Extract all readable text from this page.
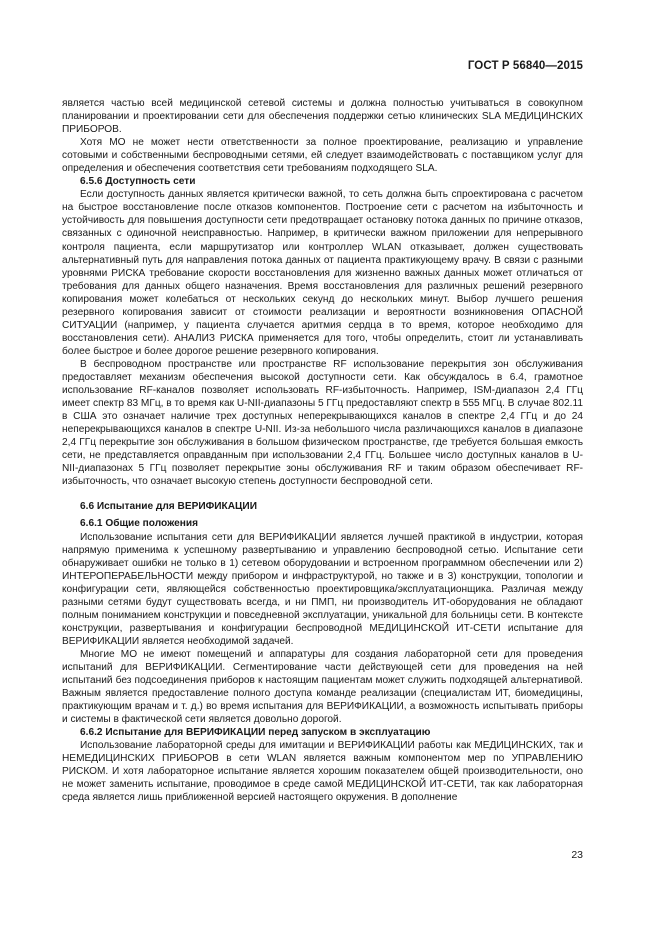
ГОСТ Р 56840—2015

является частью всей медицинской сетевой системы и должна полностью учитываться в совокупном планировании и проектировании сети для обеспечения поддержки сетью клинических SLA МЕДИЦИНСКИХ ПРИБОРОВ.

Хотя МО не может нести ответственности за полное проектирование, реализацию и управление сотовыми и собственными беспроводными сетями, ей следует взаимодействовать с поставщиком услуг для определения и обеспечения соответствия сети требованиям подходящего SLA.

6.5.6 Доступность сети

Если доступность данных является критически важной, то сеть должна быть спроектирована с расчетом на быстрое восстановление после отказов компонентов. Построение сети с расчетом на избыточность и устойчивость для повышения доступности сети предотвращает остановку потока данных по причине отказов, связанных с одиночной неисправностью. Например, в критически важном приложении для непрерывного контроля пациента, если маршрутизатор или контроллер WLAN отказывает, должен существовать альтернативный путь для направления потока данных от пациента практикующему врачу. В связи с разными уровнями РИСКА требование скорости восстановления для жизненно важных данных может отличаться от требования для данных общего назначения. Время восстановления для различных решений резервного копирования может колебаться от нескольких секунд до нескольких минут. Выбор лучшего решения резервного копирования зависит от стоимости реализации и вероятности возникновения ОПАСНОЙ СИТУАЦИИ (например, у пациента случается аритмия сердца в то время, которое необходимо для восстановления сети). АНАЛИЗ РИСКА применяется для того, чтобы определить, стоит ли устанавливать более быстрое и более дорогое решение резервного копирования.

В беспроводном пространстве или пространстве RF использование перекрытия зон обслуживания предоставляет механизм обеспечения высокой доступности сети. Как обсуждалось в 6.4, грамотное использование RF-каналов позволяет использовать RF-избыточность. Например, ISM-диапазон 2,4 ГГц имеет спектр 83 МГц, в то время как U-NII-диапазоны 5 ГГц предоставляют спектр в 555 МГц. В случае 802.11 в США это означает наличие трех доступных неперекрывающихся каналов в спектре 2,4 ГГц и до 24 неперекрывающихся каналов в спектре U-NII. Из-за небольшого числа различающихся каналов в диапазоне 2,4 ГГц перекрытие зон обслуживания в большом физическом пространстве, где требуется большая емкость сети, не представляется оправданным при использовании 2,4 ГГц. Большее число доступных каналов в U-NII-диапазонах 5 ГГц позволяет перекрытие зоны обслуживания RF и таким образом обеспечивает RF-избыточность, что означает высокую степень доступности беспроводной сети.

6.6 Испытание для ВЕРИФИКАЦИИ

6.6.1 Общие положения

Использование испытания сети для ВЕРИФИКАЦИИ является лучшей практикой в индустрии, которая напрямую применима к успешному развертыванию и управлению беспроводной сетью. Испытание сети обнаруживает ошибки не только в 1) сетевом оборудовании и встроенном программном обеспечении или 2) ИНТЕРОПЕРАБЕЛЬНОСТИ между прибором и инфраструктурой, но также и в 3) конструкции, топологии и конфигурации сети, являющейся собственностью проектировщика/эксплуатационщика. Различая между разными сетями будут существовать всегда, и ни ПМП, ни производитель ИТ-оборудования не обладают полным пониманием конструкции и повседневной эксплуатации, уникальной для больницы сети. В контексте конструкции, развертывания и конфигурации беспроводной МЕДИЦИНСКОЙ ИТ-СЕТИ испытание для ВЕРИФИКАЦИИ является необходимой задачей.

Многие МО не имеют помещений и аппаратуры для создания лабораторной сети для проведения испытаний для ВЕРИФИКАЦИИ. Сегментирование части действующей сети для проведения на ней испытаний без подсоединения приборов к настоящим пациентам может служить подходящей альтернативой. Важным является предоставление полного доступа команде реализации (специалистам ИТ, биомедицины, практикующим врачам и т. д.) во время испытания для ВЕРИФИКАЦИИ, а возможность испытывать приборы и системы в фактической сети является довольно дорогой.

6.6.2 Испытание для ВЕРИФИКАЦИИ перед запуском в эксплуатацию

Использование лабораторной среды для имитации и ВЕРИФИКАЦИИ работы как МЕДИЦИНСКИХ, так и НЕМЕДИЦИНСКИХ ПРИБОРОВ в сети WLAN является важным компонентом мер по УПРАВЛЕНИЮ РИСКОМ. И хотя лабораторное испытание является хорошим показателем общей производительности, оно не может заменить испытание, проводимое в среде самой МЕДИЦИНСКОЙ ИТ-СЕТИ, так как лабораторная среда является лишь приближенной версией настоящего окружения. В дополнение

23
